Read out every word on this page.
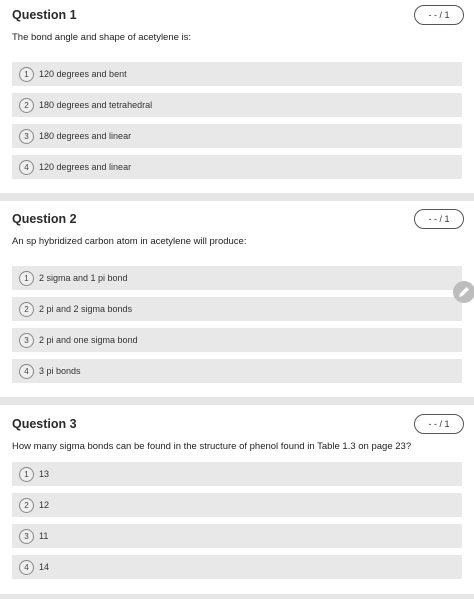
Question 1	- - / 1
The bond angle and shape of acetylene is:
1	120 degrees and bent
2	180 degrees and tetrahedral
3	180 degrees and linear
4	120 degrees and linear
Question 2	- - / 1
An sp hybridized carbon atom in acetylene will produce:
1	2 sigma and 1 pi bond
2	2 pi and 2 sigma bonds
3	2 pi and one sigma bond
4	3 pi bonds
Question 3	- - / 1
How many sigma bonds can be found in the structure of phenol found in Table 1.3 on page 23?
1	13
2	12
3	11
4	14
